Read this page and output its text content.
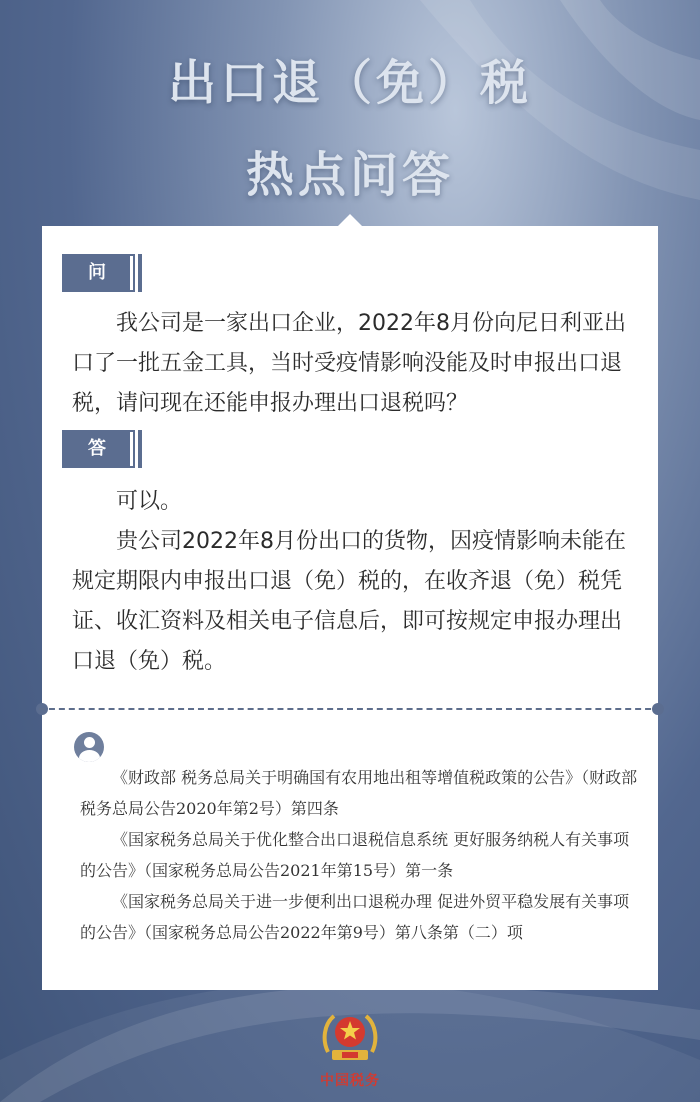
出口退（免）税
热点问答
问
我公司是一家出口企业，2022年8月份向尼日利亚出口了一批五金工具，当时受疫情影响没能及时申报出口退税，请问现在还能申报办理出口退税吗？
答
可以。
贵公司2022年8月份出口的货物，因疫情影响未能在规定期限内申报出口退（免）税的，在收齐退（免）税凭证、收汇资料及相关电子信息后，即可按规定申报办理出口退（免）税。
《财政部 税务总局关于明确国有农用地出租等增值税政策的公告》（财政部 税务总局公告2020年第2号）第四条
《国家税务总局关于优化整合出口退税信息系统 更好服务纳税人有关事项的公告》（国家税务总局公告2021年第15号）第一条
《国家税务总局关于进一步便利出口退税办理 促进外贸平稳发展有关事项的公告》（国家税务总局公告2022年第9号）第八条第（二）项
中国税务
